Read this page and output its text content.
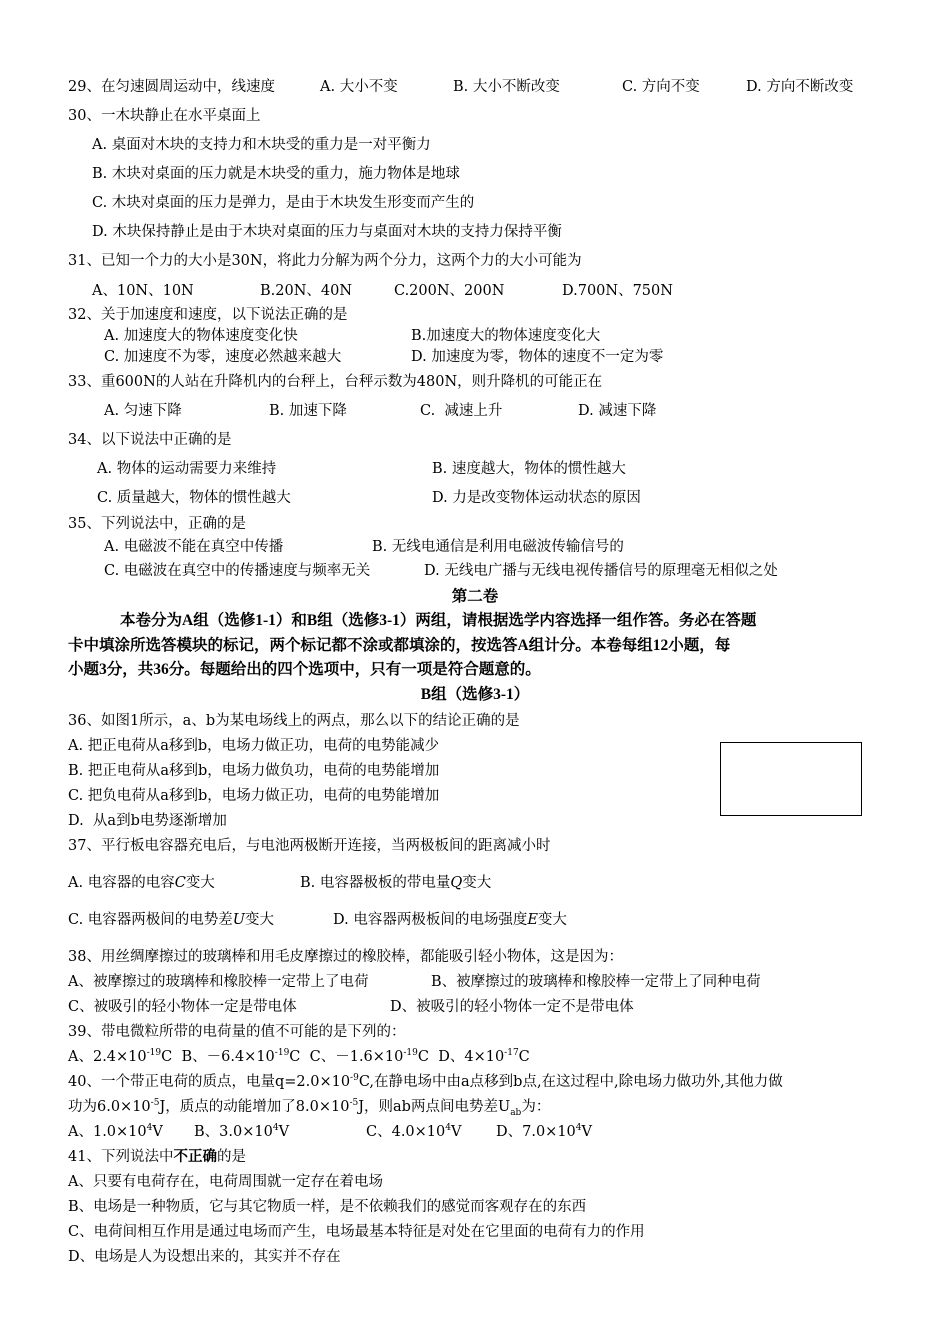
29、在匀速圆周运动中，线速度	A. 大小不变	B. 大小不断改变	C. 方向不变	D. 方向不断改变
30、一木块静止在水平桌面上
A. 桌面对木块的支持力和木块受的重力是一对平衡力
B. 木块对桌面的压力就是木块受的重力，施力物体是地球
C. 木块对桌面的压力是弹力，是由于木块发生形变而产生的
D. 木块保持静止是由于木块对桌面的压力与桌面对木块的支持力保持平衡
31、已知一个力的大小是30N，将此力分解为两个分力，这两个力的大小可能为
A、10N、10N	B.20N、40N	C.200N、200N	D.700N、750N
32、关于加速度和速度，以下说法正确的是
A. 加速度大的物体速度变化快	B.加速度大的物体速度变化大
C. 加速度不为零，速度必然越来越大	D. 加速度为零，物体的速度不一定为零
33、重600N的人站在升降机内的台秤上，台秤示数为480N，则升降机的可能正在
A. 匀速下降	B. 加速下降	C.  减速上升	D. 减速下降
34、以下说法中正确的是
A. 物体的运动需要力来维持	B. 速度越大，物体的惯性越大
C. 质量越大，物体的惯性越大	D. 力是改变物体运动状态的原因
35、下列说法中，正确的是
A. 电磁波不能在真空中传播	B. 无线电通信是利用电磁波传输信号的
C. 电磁波在真空中的传播速度与频率无关	D. 无线电广播与无线电视传播信号的原理毫无相似之处
第二卷
本卷分为A组（选修1-1）和B组（选修3-1）两组，请根据选学内容选择一组作答。务必在答题
卡中填涂所选答模块的标记，两个标记都不涂或都填涂的，按选答A组计分。本卷每组12小题，每
小题3分，共36分。每题给出的四个选项中，只有一项是符合题意的。
B组（选修3-1）
36、如图1所示，a、b为某电场线上的两点，那么以下的结论正确的是
A. 把正电荷从a移到b，电场力做正功，电荷的电势能减少
B. 把正电荷从a移到b，电场力做负功，电荷的电势能增加
C. 把负电荷从a移到b，电场力做正功，电荷的电势能增加
D.  从a到b电势逐渐增加
37、平行板电容器充电后，与电池两极断开连接，当两极板间的距离减小时
A. 电容器的电容C变大	B. 电容器极板的带电量Q变大
C. 电容器两极间的电势差U变大	D. 电容器两极板间的电场强度E变大
38、用丝绸摩擦过的玻璃棒和用毛皮摩擦过的橡胶棒，都能吸引轻小物体，这是因为：
A、被摩擦过的玻璃棒和橡胶棒一定带上了电荷	B、被摩擦过的玻璃棒和橡胶棒一定带上了同种电荷
C、被吸引的轻小物体一定是带电体	D、被吸引的轻小物体一定不是带电体
39、带电微粒所带的电荷量的值不可能的是下列的：
A、$2.4\times 10^{-19}C$ B、$-6.4\times 10^{-19}C$ C、$-1.6\times 10^{-19}C$ D、$4\times 10^{-17}C$
40、一个带正电荷的质点，电量$q=2.0\times 10^{-9}C$,在静电场中由a点移到b点,在这过程中,除电场力做功外,其他力做
功为$6.0\times 10^{-5}J$，质点的动能增加了$8.0\times 10^{-5}J$，则ab两点间电势差$U_{ab}$为：
A、$1.0\times 10^4V$ B、$3.0\times 10^4V$	C、$4.0\times 10^4V$ D、$7.0\times 10^4V$
41、下列说法中不正确的是
A、只要有电荷存在，电荷周围就一定存在着电场
B、电场是一种物质，它与其它物质一样，是不依赖我们的感觉而客观存在的东西
C、电荷间相互作用是通过电场而产生，电场最基本特征是对处在它里面的电荷有力的作用
D、电场是人为设想出来的，其实并不存在
